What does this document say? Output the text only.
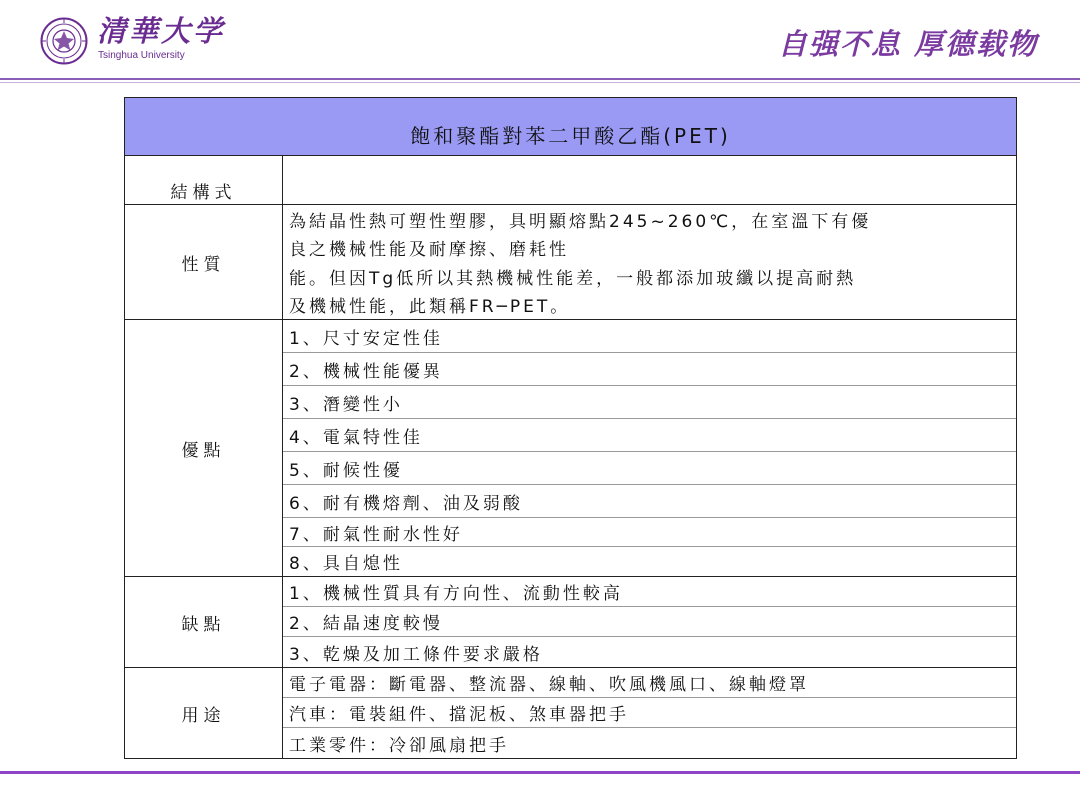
清華大学
Tsinghua University	自强不息 厚德载物
飽和聚酯對苯二甲酸乙酯(PET)
結構式
性質
為結晶性熱可塑性塑膠，具明顯熔點245~260℃，在室溫下有優
良之機械性能及耐摩擦、磨耗性
能。但因Tg低所以其熱機械性能差，一般都添加玻纖以提高耐熱
及機械性能，此類稱FR─PET。
優點
1、尺寸安定性佳
2、機械性能優異
3、潛變性小
4、電氣特性佳
5、耐候性優
6、耐有機熔劑、油及弱酸
7、耐氣性耐水性好
8、具自熄性
缺點
1、機械性質具有方向性、流動性較高
2、結晶速度較慢
3、乾燥及加工條件要求嚴格
用途
電子電器：斷電器、整流器、線軸、吹風機風口、線軸燈罩
汽車：電裝組件、擋泥板、煞車器把手
工業零件：冷卻風扇把手
